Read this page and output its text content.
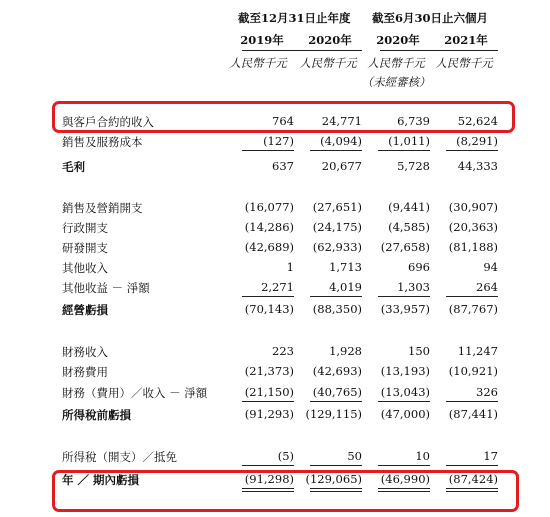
截至12月31日止年度 截至6月30日止六個月
2019年	2020年	2020年	2021年
人民幣千元	人民幣千元 人民幣千元 人民幣千元
（未經審核）
與客戶合約的收入	764	24,771	6,739	52,624
銷售及服務成本	(127)	(4,094)	(1,011)	(8,291)
毛利	637	20,677	5,728	44,333
銷售及營銷開支	(16,077)	(27,651)	(9,441)	(30,907)
行政開支	(14,286)	(24,175)	(4,585)	(20,363)
研發開支	(42,689)	(62,933)	(27,658)	(81,188)
其他收入	1	1,713	696	94
其他收益 － 淨額	2,271	4,019	1,303	264
經營虧損	(70,143)	(88,350)	(33,957)	(87,767)
財務收入	223	1,928	150	11,247
財務費用	(21,373)	(42,693)	(13,193)	(10,921)
財務（費用）／收入 － 淨額	(21,150)	(40,765)	(13,043)	326
所得稅前虧損	(91,293) (129,115)	(47,000)	(87,441)
所得稅（開支）／抵免	(5)	50	10	17
年 ／ 期內虧損	(91,298) (129,065)	(46,990)	(87,424)
